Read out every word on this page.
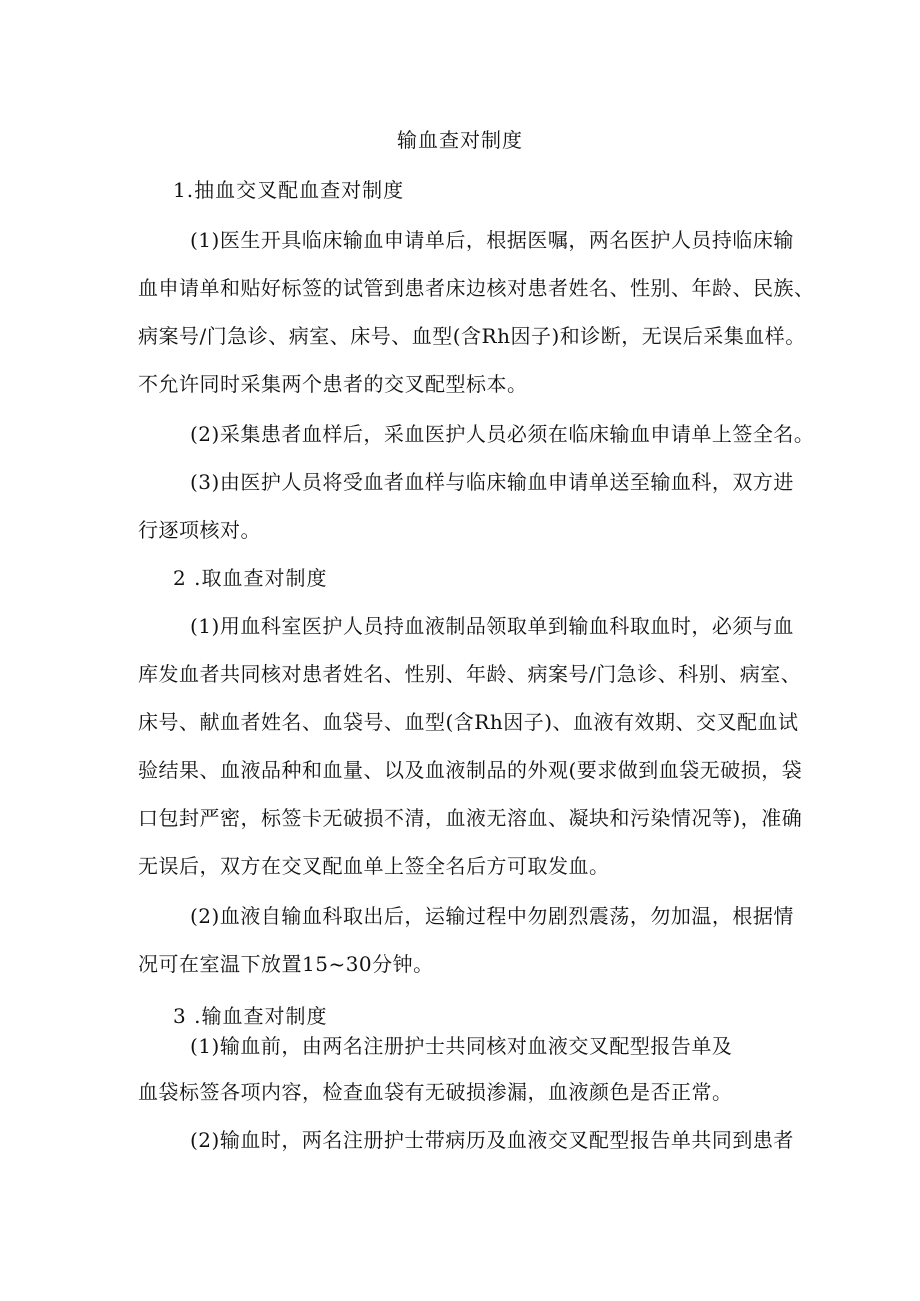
输血查对制度
1.抽血交叉配血查对制度
(1)医生开具临床输血申请单后，根据医嘱，两名医护人员持临床输
血申请单和贴好标签的试管到患者床边核对患者姓名、性别、年龄、民族、
病案号/门急诊、病室、床号、血型(含Rh因子)和诊断，无误后采集血样。
不允许同时采集两个患者的交叉配型标本。
(2)采集患者血样后，采血医护人员必须在临床输血申请单上签全名。
(3)由医护人员将受血者血样与临床输血申请单送至输血科，双方进
行逐项核对。
2 .取血查对制度
(1)用血科室医护人员持血液制品领取单到输血科取血时，必须与血
库发血者共同核对患者姓名、性别、年龄、病案号/门急诊、科别、病室、
床号、献血者姓名、血袋号、血型(含Rh因子)、血液有效期、交叉配血试
验结果、血液品种和血量、以及血液制品的外观(要求做到血袋无破损，袋
口包封严密，标签卡无破损不清，血液无溶血、凝块和污染情况等)，准确
无误后，双方在交叉配血单上签全名后方可取发血。
(2)血液自输血科取出后，运输过程中勿剧烈震荡，勿加温，根据情
况可在室温下放置15~30分钟。
3 .输血查对制度
(1)输血前，由两名注册护士共同核对血液交叉配型报告单及
血袋标签各项内容，检查血袋有无破损渗漏，血液颜色是否正常。
(2)输血时，两名注册护士带病历及血液交叉配型报告单共同到患者
